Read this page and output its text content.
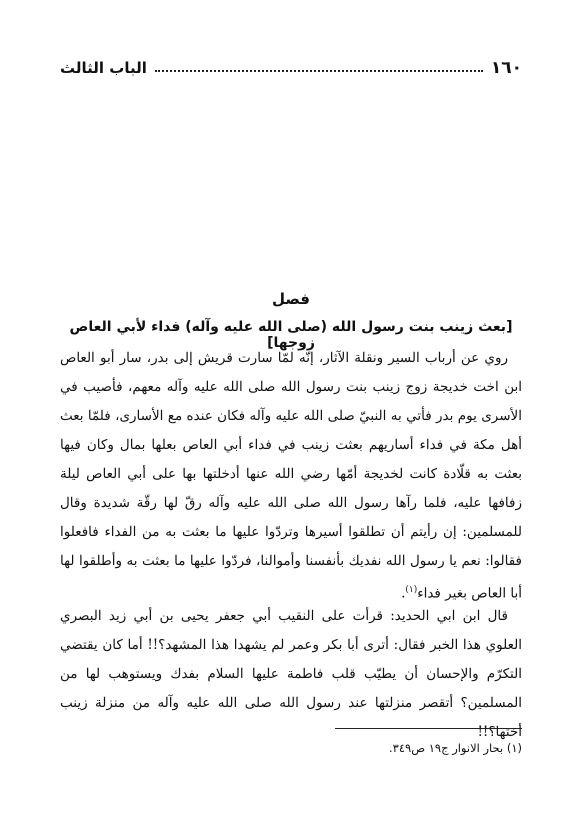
١٦٠
الباب الثالث
فصل
[بعث زينب بنت رسول الله (صلى الله عليه وآله) فداء لأبي العاص زوجها]

روي عن أرباب السير ونقلة الآثار، إنّه لمّا سارت قريش إلى بدر، سار أبو العاص ابن اخت خديجة زوج زينب بنت رسول الله صلى الله عليه وآله معهم، فأصيب في الأسرى يوم بدر فأتي به النبيّ صلى الله عليه وآله فكان عنده مع الأسارى، فلمّا بعث أهل مكة في فداء أساريهم بعثت زينب في فداء أبي العاص بعلها بمال وكان فيها بعثت به قلّادة كانت لخديجة أمّها رضي الله عنها أدخلتها بها على أبي العاص ليلة زفافها عليه، فلما رآها رسول الله صلى الله عليه وآله رقّ لها رقّة شديدة وقال للمسلمين: إن رأيتم أن تطلقوا أسيرها وتردّوا عليها ما بعثت به من الفداء فافعلوا فقالوا: نعم يا رسول الله نفديك بأنفسنا وأموالنا، فردّوا عليها ما بعثت به وأطلقوا لها أبا العاص بغير فداء$^{(١)}$.

قال ابن ابي الحديد: قرأت على النقيب أبي جعفر يحيى بن أبي زيد البصري العلوي هذا الخبر فقال: أترى أبا بكر وعمر لم يشهدا هذا المشهد؟!! أما كان يقتضي التكرّم والإحسان أن يطيّب قلب فاطمة عليها السلام بفدك ويستوهب لها من المسلمين؟ أتقصر منزلتها عند رسول الله صلى الله عليه وآله من منزلة زينب أختها؟!!

(١) بحار الانوار ج١٩ ص٣٤٩.
